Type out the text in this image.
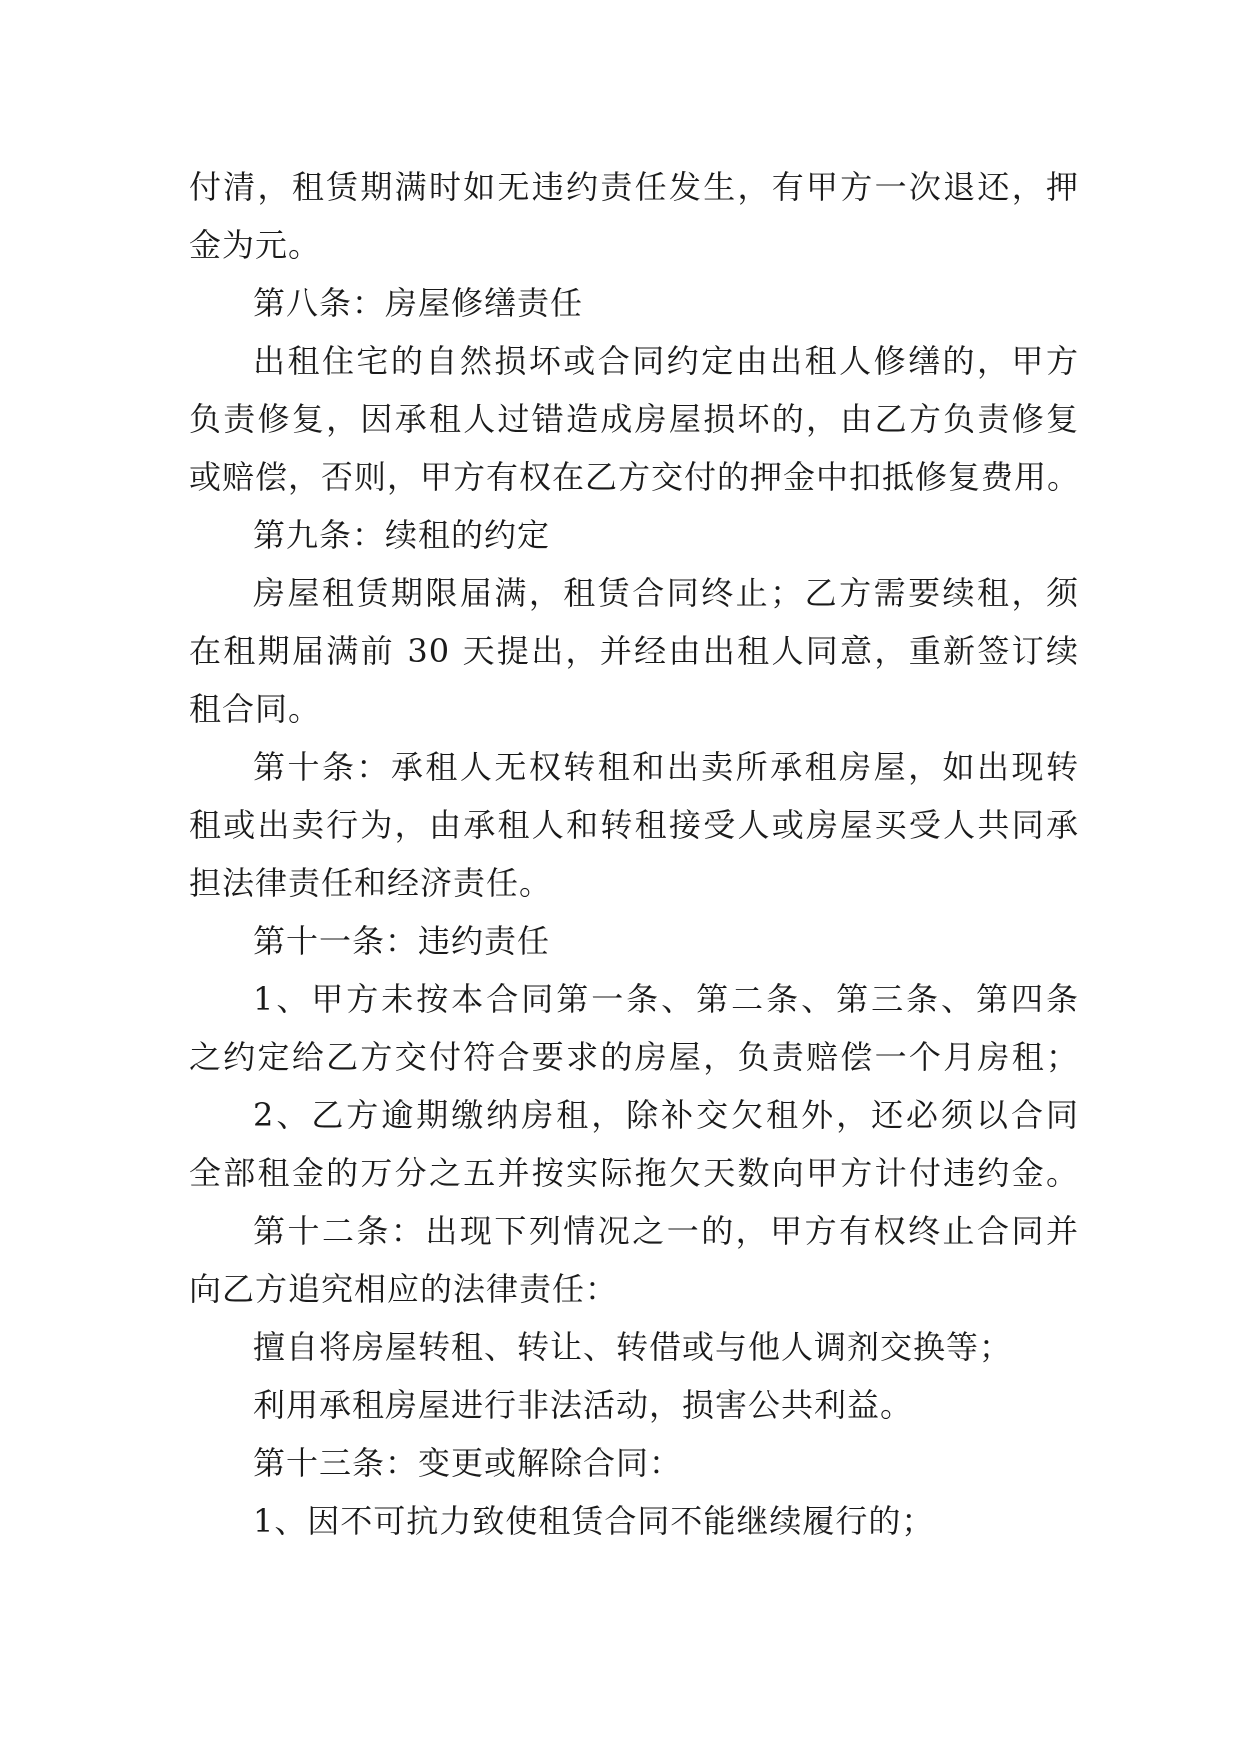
付清，租赁期满时如无违约责任发生，有甲方一次退还，押
金为元。
第八条：房屋修缮责任
出租住宅的自然损坏或合同约定由出租人修缮的，甲方
负责修复，因承租人过错造成房屋损坏的，由乙方负责修复
或赔偿，否则，甲方有权在乙方交付的押金中扣抵修复费用。
第九条：续租的约定
房屋租赁期限届满，租赁合同终止；乙方需要续租，须
在租期届满前 30 天提出，并经由出租人同意，重新签订续
租合同。
第十条：承租人无权转租和出卖所承租房屋，如出现转
租或出卖行为，由承租人和转租接受人或房屋买受人共同承
担法律责任和经济责任。
第十一条：违约责任
1、甲方未按本合同第一条、第二条、第三条、第四条
之约定给乙方交付符合要求的房屋，负责赔偿一个月房租；
2、乙方逾期缴纳房租，除补交欠租外，还必须以合同
全部租金的万分之五并按实际拖欠天数向甲方计付违约金。
第十二条：出现下列情况之一的，甲方有权终止合同并
向乙方追究相应的法律责任：
擅自将房屋转租、转让、转借或与他人调剂交换等；
利用承租房屋进行非法活动，损害公共利益。
第十三条：变更或解除合同：
1、因不可抗力致使租赁合同不能继续履行的；
